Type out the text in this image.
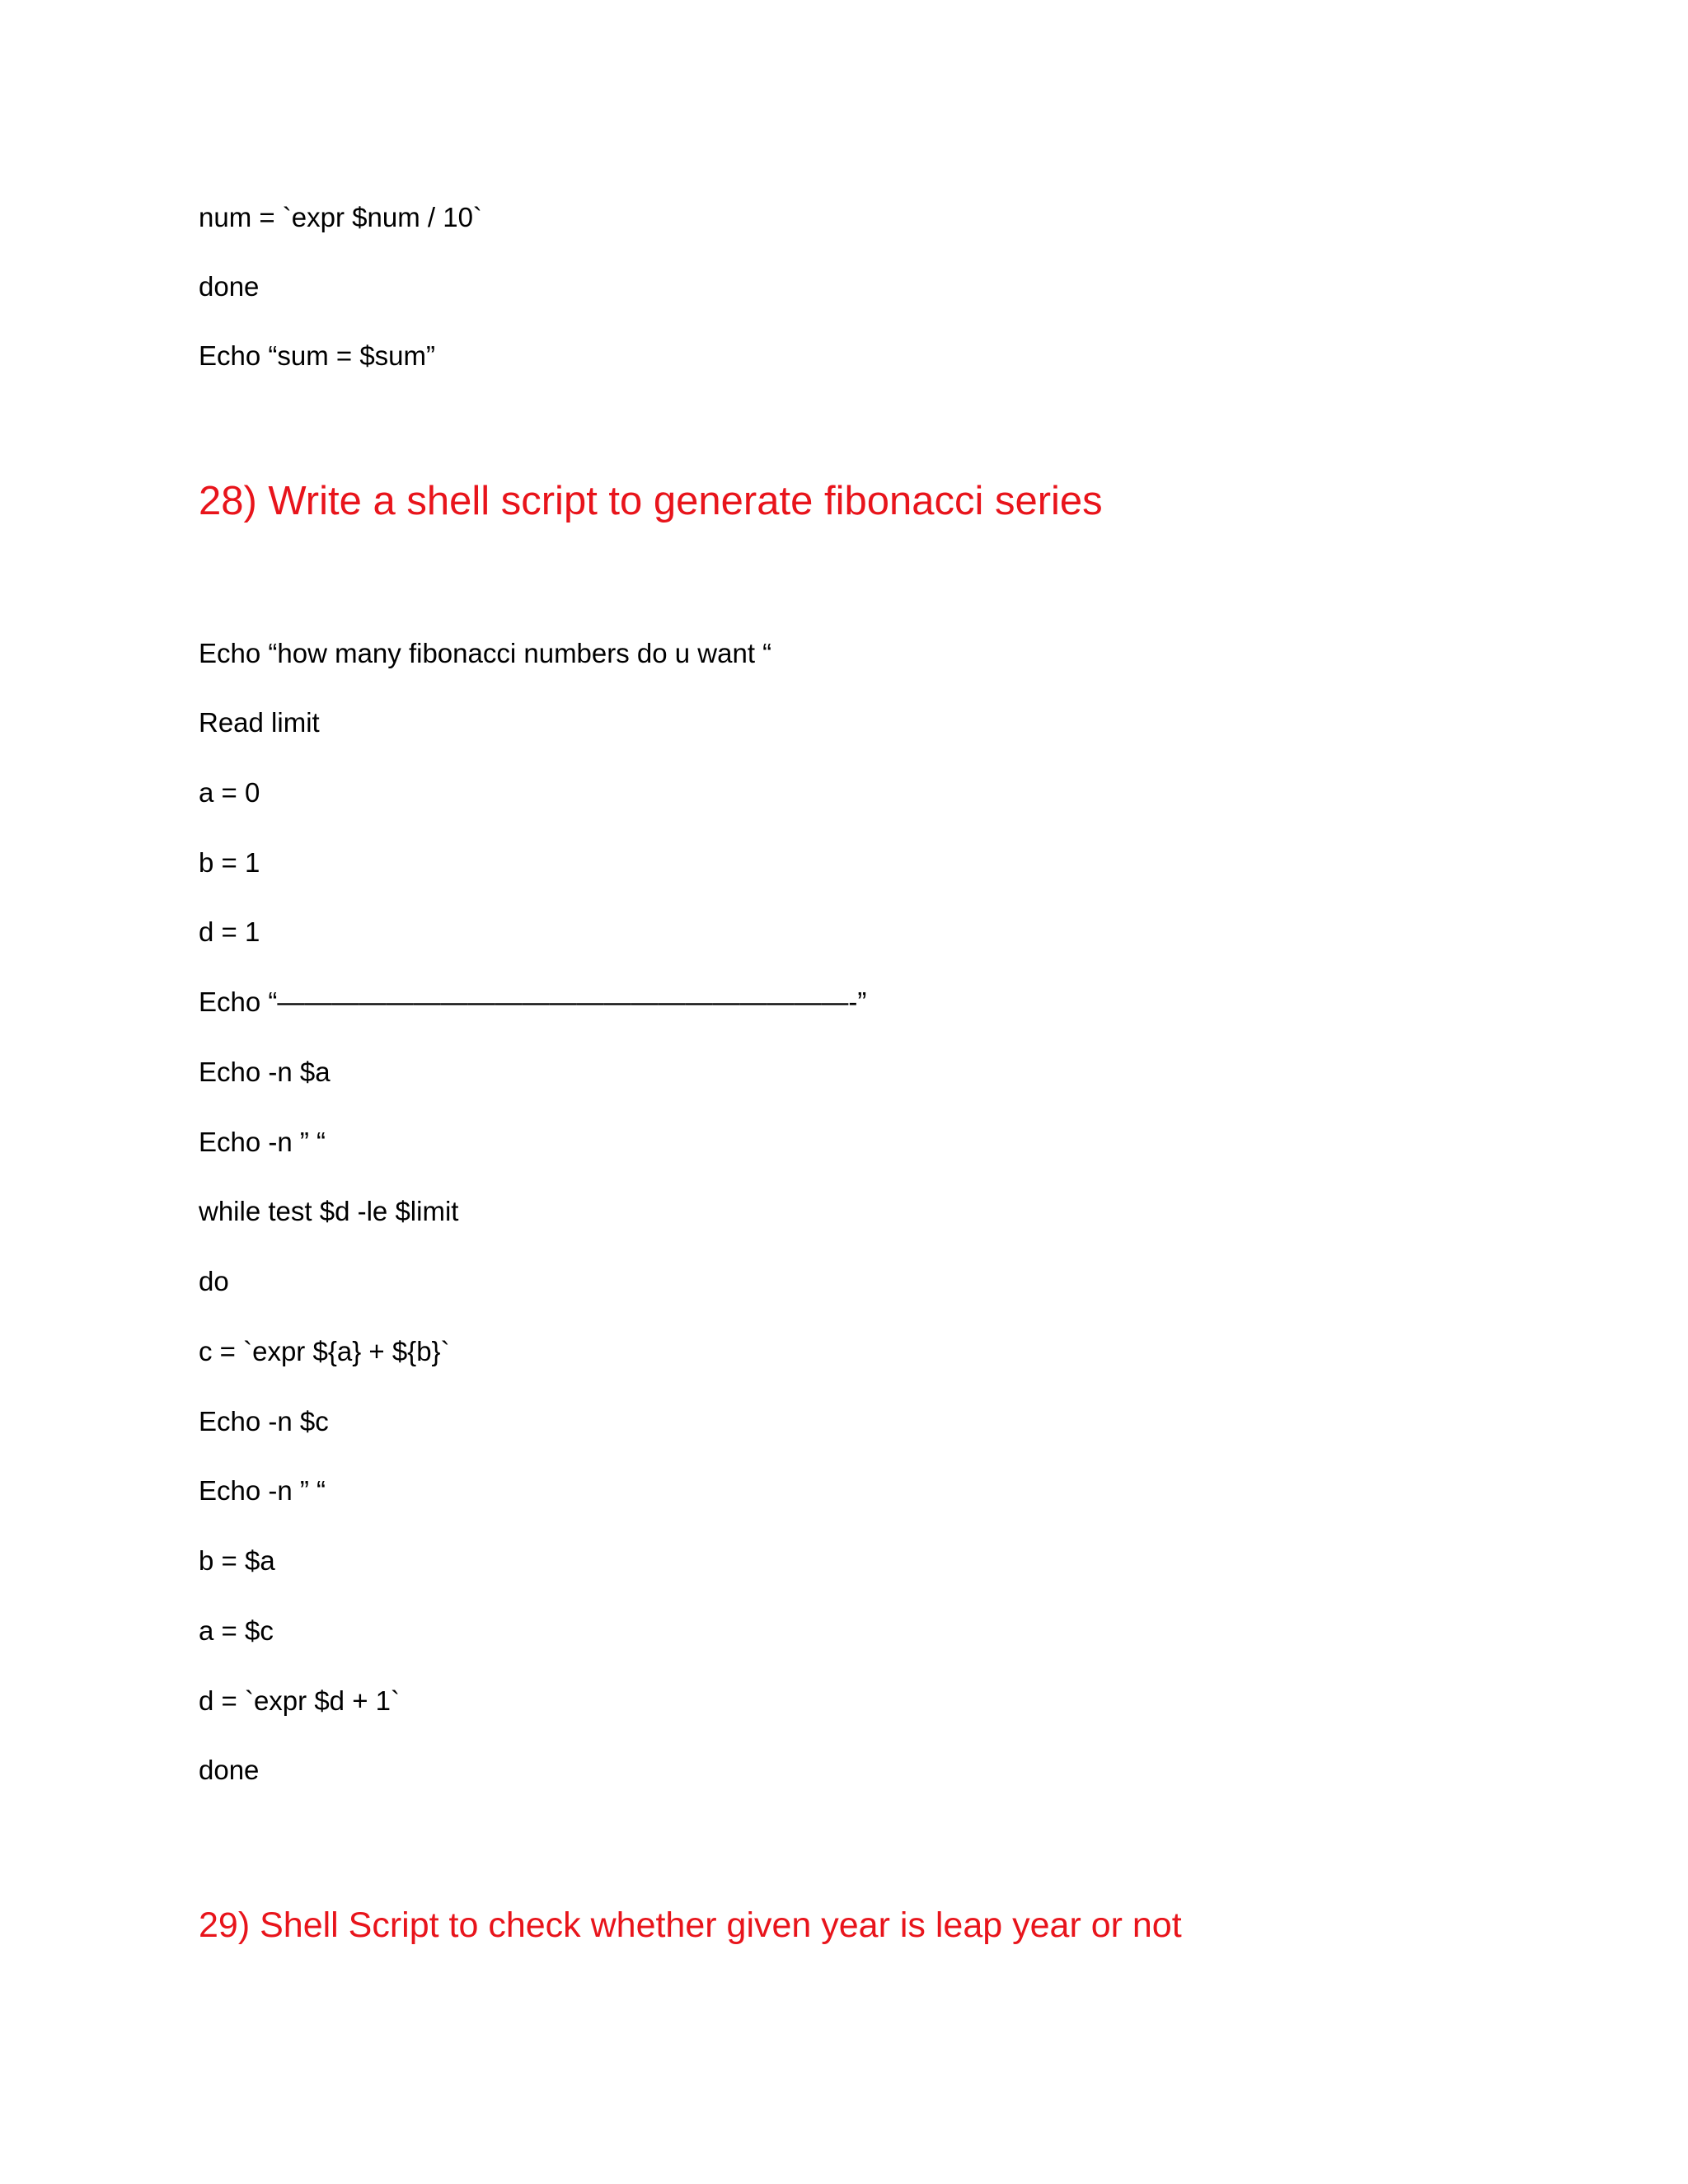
num = `expr $num / 10`
done
Echo “sum = $sum”
28) Write a shell script to generate fibonacci series
Echo “how many fibonacci numbers do u want “
Read limit
a = 0
b = 1
d = 1
Echo “—————————————————————-”
Echo -n $a
Echo -n ” “
while test $d -le $limit
do
c = `expr ${a} + ${b}`
Echo -n $c
Echo -n ” “
b = $a
a = $c
d = `expr $d + 1`
done
29) Shell Script to check whether given year is leap year or not
